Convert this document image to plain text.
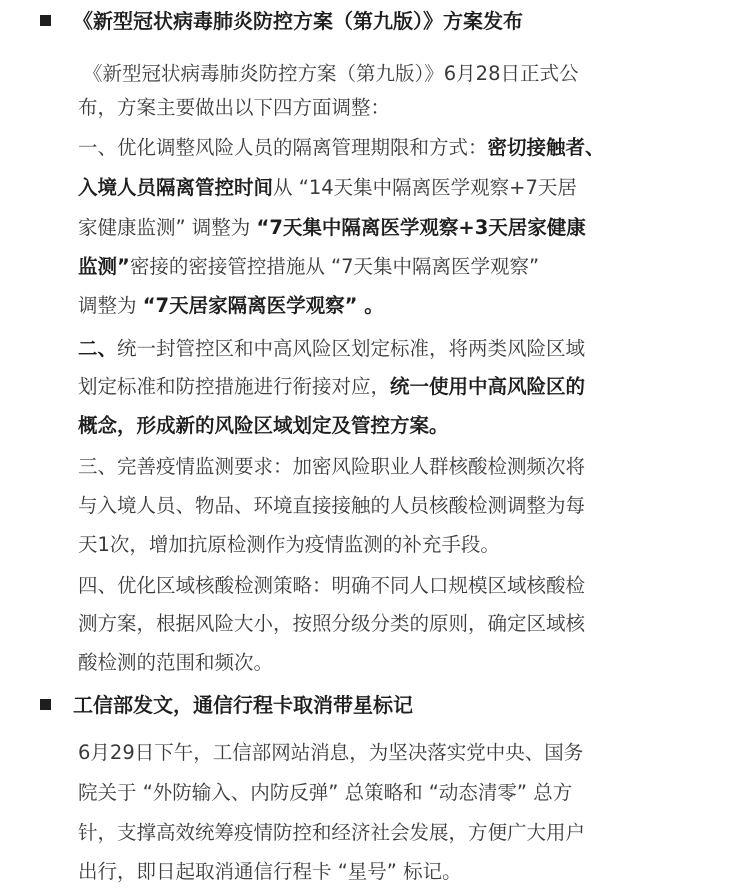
《新型冠状病毒肺炎防控方案（第九版）》方案发布
《新型冠状病毒肺炎防控方案（第九版）》6月28日正式公
布，方案主要做出以下四方面调整：
一、优化调整风险人员的隔离管理期限和方式：密切接触者、
入境人员隔离管控时间从 “14天集中隔离医学观察+7天居
家健康监测” 调整为 “7天集中隔离医学观察+3天居家健康
监测”密接的密接管控措施从 “7天集中隔离医学观察”
调整为 “7天居家隔离医学观察” 。
二、统一封管控区和中高风险区划定标准，将两类风险区域
划定标准和防控措施进行衔接对应，统一使用中高风险区的
概念，形成新的风险区域划定及管控方案。
三、完善疫情监测要求：加密风险职业人群核酸检测频次将
与入境人员、物品、环境直接接触的人员核酸检测调整为每
天1次，增加抗原检测作为疫情监测的补充手段。
四、优化区域核酸检测策略：明确不同人口规模区域核酸检
测方案，根据风险大小，按照分级分类的原则，确定区域核
酸检测的范围和频次。
工信部发文，通信行程卡取消带星标记
6月29日下午，工信部网站消息，为坚决落实党中央、国务
院关于 “外防输入、内防反弹” 总策略和 “动态清零” 总方
针，支撑高效统筹疫情防控和经济社会发展，方便广大用户
出行，即日起取消通信行程卡 “星号” 标记。
